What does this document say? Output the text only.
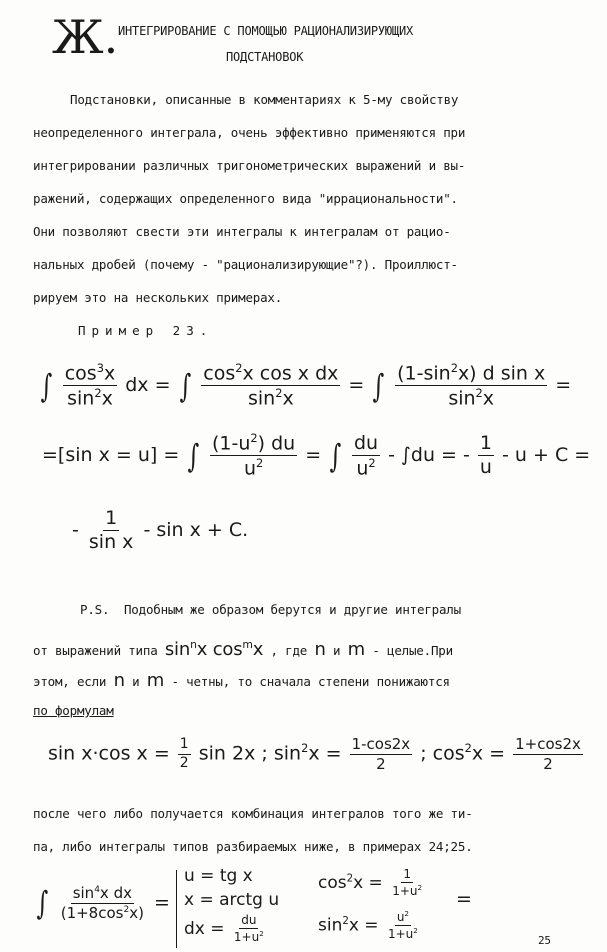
Ж. ИНТЕГРИРОВАНИЕ С ПОМОЩЬЮ РАЦИОНАЛИЗИРУЮЩИХ
ПОДСТАНОВОК
Подстановки, описанные в комментариях к 5-му свойству
неопределенного интеграла, очень эффективно применяются при
интегрировании различных тригонометрических выражений и вы-
ражений, содержащих определенного вида "иррациональности".
Они позволяют свести эти интегралы к интегралам от рацио-
нальных дробей (почему - "рационализирующие"?). Проиллюст-
рируем это на нескольких примерах.
Пример 23.
∫ $\frac{\cos^3x}{\sin^2x}$ dx = ∫ $\frac{\cos^2x \cos x dx}{\sin^2x}$ = ∫ $\frac{(1-\sin^2x) d \sin x}{\sin^2x}$ =
=[sin x = u] = ∫ $\frac{(1-u^2) du}{u^2}$ = ∫ $\frac{du}{u^2} - \int du$ = - $\frac{1}{u} - u + C$ =
- $\frac{1}{\text{sin x}} - \sin x + C$.
P.S. Подобным же образом берутся и другие интегралы
от выражений типа $\sin^nx$ $\cos^mx$ , где n и m - целые.При
этом, если n и m - четны, то сначала степени понижаются
по формулам
sin x·cos $x = \frac{1}{2}$ sin 2x ; $\sin^2x = \frac{1-\cos 2x}{2}$ ; $\cos^2x = \frac{1+\cos 2x}{2}$
после чего либо получается комбинация интегралов того же ти-
па, либо интегралы типов разбираемых ниже, в примерах 24;25.
∫ $\frac{\sin^4x dx}{(1+8\cos^2x)}$ =
u = tg x
x = arctg u
dx = $\frac{du}{1+u^2}$
$\cos^2x = \frac{1}{1+u^2}$
$\sin^2x = \frac{u^2}{1+u^2}$
=
25
